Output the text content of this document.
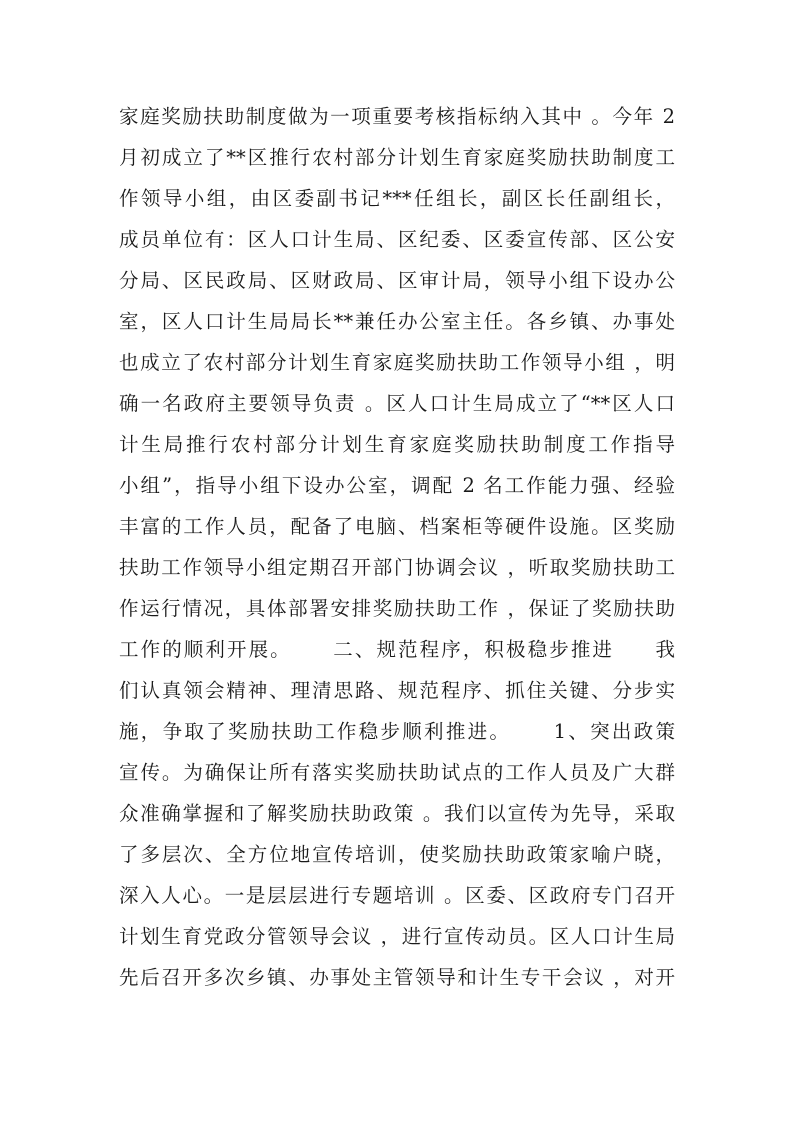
家庭奖励扶助制度做为一项重要考核指标纳入其中 。今年 2
月初成立了**区推行农村部分计划生育家庭奖励扶助制度工
作领导小组，由区委副书记***任组长，副区长任副组长，
成员单位有：区人口计生局、区纪委、区委宣传部、区公安
分局、区民政局、区财政局、区审计局，领导小组下设办公
室，区人口计生局局长**兼任办公室主任。各乡镇、办事处
也成立了农村部分计划生育家庭奖励扶助工作领导小组 ，明
确一名政府主要领导负责 。区人口计生局成立了“**区人口
计生局推行农村部分计划生育家庭奖励扶助制度工作指导
小组”，指导小组下设办公室，调配 2 名工作能力强、经验
丰富的工作人员，配备了电脑、档案柜等硬件设施。区奖励
扶助工作领导小组定期召开部门协调会议 ，听取奖励扶助工
作运行情况，具体部署安排奖励扶助工作 ，保证了奖励扶助
工作的顺利开展。     二、规范程序，积极稳步推进     我
们认真领会精神、理清思路、规范程序、抓住关键、分步实
施，争取了奖励扶助工作稳步顺利推进。     1、突出政策
宣传。为确保让所有落实奖励扶助试点的工作人员及广大群
众准确掌握和了解奖励扶助政策 。我们以宣传为先导，采取
了多层次、全方位地宣传培训，使奖励扶助政策家喻户晓，
深入人心。一是层层进行专题培训 。区委、区政府专门召开
计划生育党政分管领导会议 ，进行宣传动员。区人口计生局
先后召开多次乡镇、办事处主管领导和计生专干会议 ，对开
